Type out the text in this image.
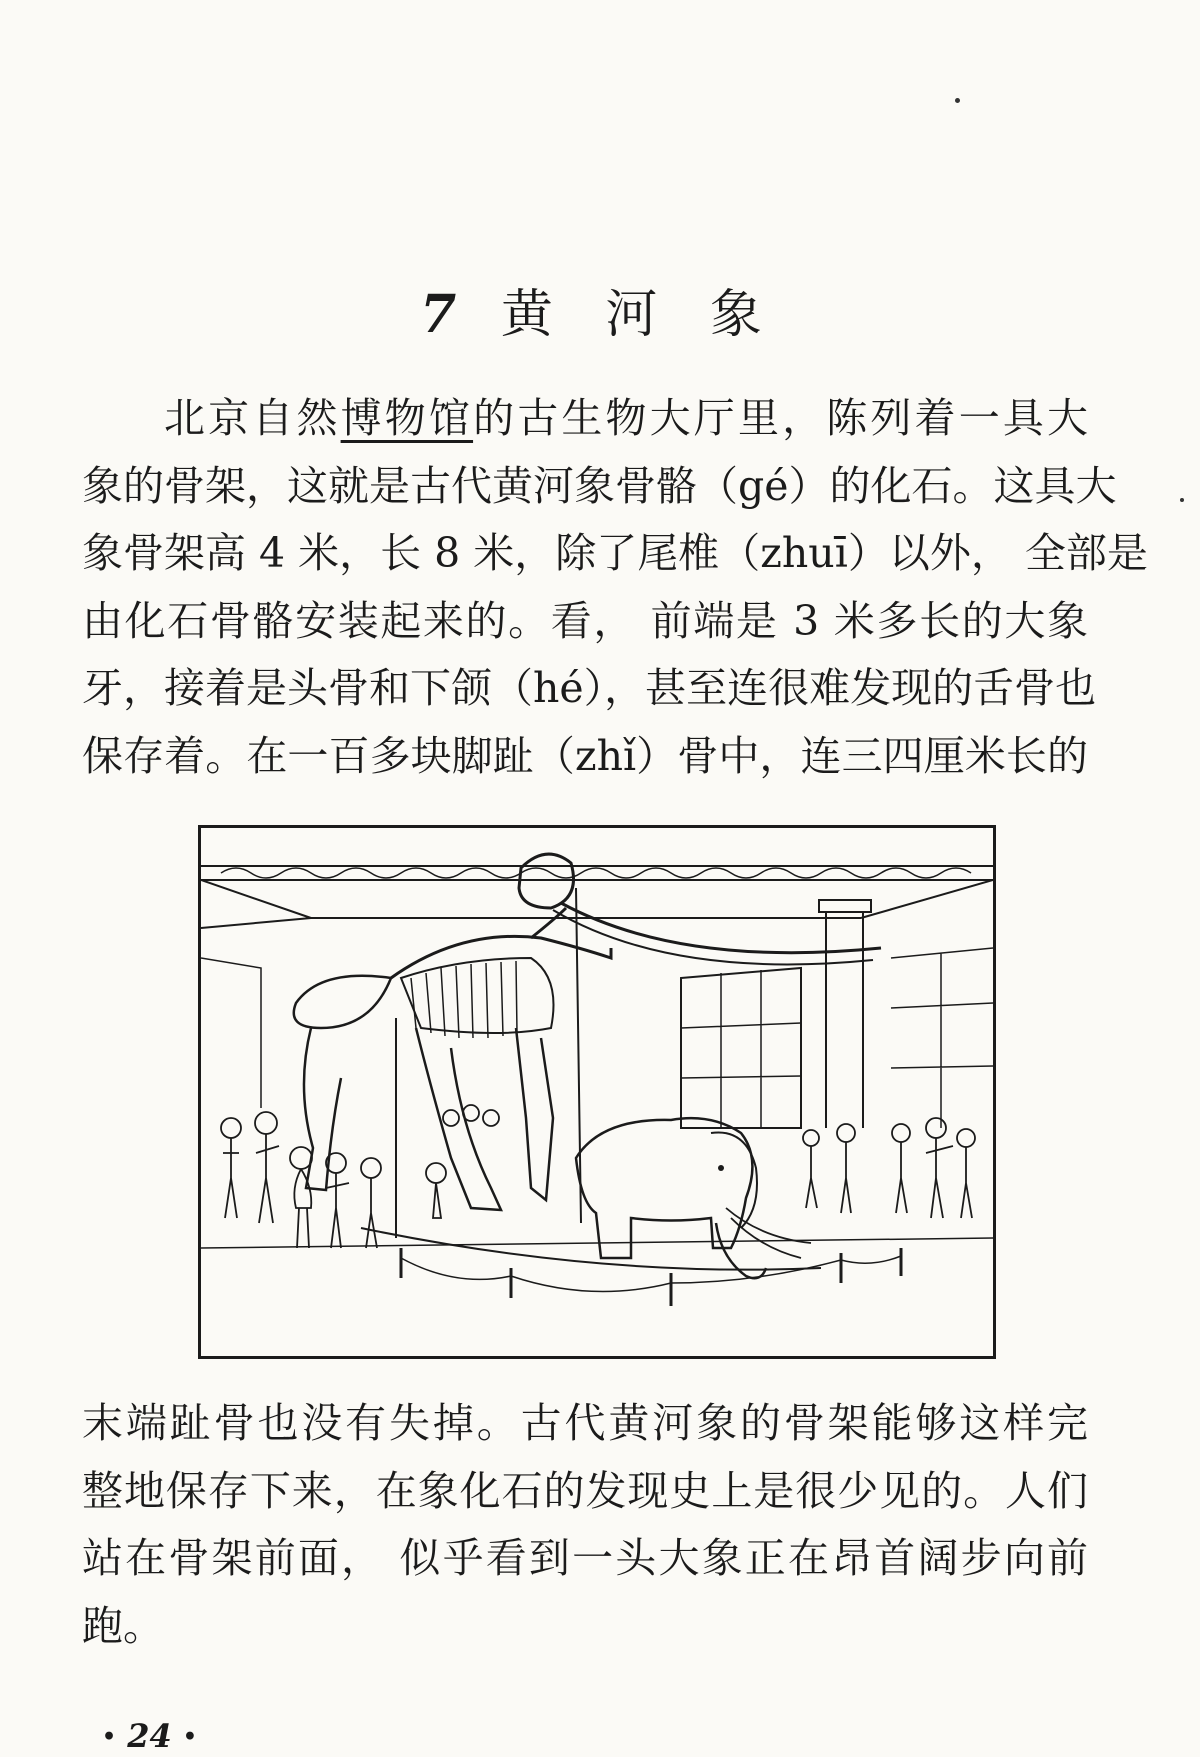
7 黄 河 象
北京自然博物馆的古生物大厅里，陈列着一具大
象的骨架，这就是古代黄河象骨骼（gé）的化石。这具大
象骨架高 4 米，长 8 米，除了尾椎（zhuī）以外， 全部是
由化石骨骼安装起来的。看， 前端是 3 米多长的大象
牙，接着是头骨和下颌（hé），甚至连很难发现的舌骨也
保存着。在一百多块脚趾（zhǐ）骨中，连三四厘米长的
末端趾骨也没有失掉。古代黄河象的骨架能够这样完
整地保存下来，在象化石的发现史上是很少见的。人们
站在骨架前面， 似乎看到一头大象正在昂首阔步向前
跑。
• 24 •
